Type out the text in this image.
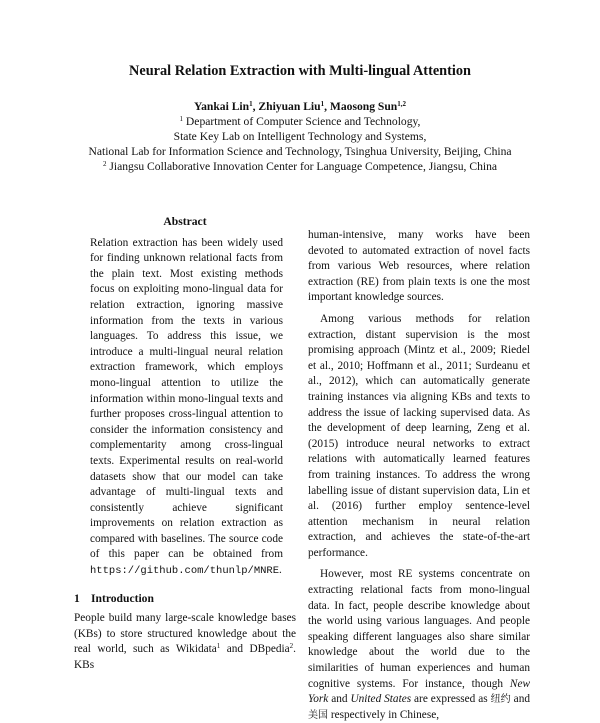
Neural Relation Extraction with Multi-lingual Attention
Yankai Lin$^1$, Zhiyuan Liu$^1$, Maosong Sun$^{1,2}$
$^1$ Department of Computer Science and Technology,
State Key Lab on Intelligent Technology and Systems,
National Lab for Information Science and Technology, Tsinghua University, Beijing, China
$^2$ Jiangsu Collaborative Innovation Center for Language Competence, Jiangsu, China
Abstract

Relation extraction has been widely used for finding unknown relational facts from the plain text. Most existing methods focus on exploiting mono-lingual data for relation extraction, ignoring massive information from the texts in various languages. To address this issue, we introduce a multi-lingual neural relation extraction framework, which employs mono-lingual attention to utilize the information within mono-lingual texts and further proposes cross-lingual attention to consider the information consistency and complementarity among cross-lingual texts. Experimental results on real-world datasets show that our model can take advantage of multi-lingual texts and consistently achieve significant improvements on relation extraction as compared with baselines. The source code of this paper can be obtained from https://github.com/thunlp/MNRE.

1 Introduction

People build many large-scale knowledge bases (KBs) to store structured knowledge about the real world, such as Wikidata$^1$ and DBpedia$^2$. KBs

human-intensive, many works have been devoted to automated extraction of novel facts from various Web resources, where relation extraction (RE) from plain texts is one the most important knowledge sources.

Among various methods for relation extraction, distant supervision is the most promising approach (Mintz et al., 2009; Riedel et al., 2010; Hoffmann et al., 2011; Surdeanu et al., 2012), which can automatically generate training instances via aligning KBs and texts to address the issue of lacking supervised data. As the development of deep learning, Zeng et al. (2015) introduce neural networks to extract relations with automatically learned features from training instances. To address the wrong labelling issue of distant supervision data, Lin et al. (2016) further employ sentence-level attention mechanism in neural relation extraction, and achieves the state-of-the-art performance.

However, most RE systems concentrate on extracting relational facts from mono-lingual data. In fact, people describe knowledge about the world using various languages. And people speaking different languages also share similar knowledge about the world due to the similarities of human experiences and human cognitive systems. For instance, though New York and United States are expressed as 纽约 and 美国 respectively in Chinese,
